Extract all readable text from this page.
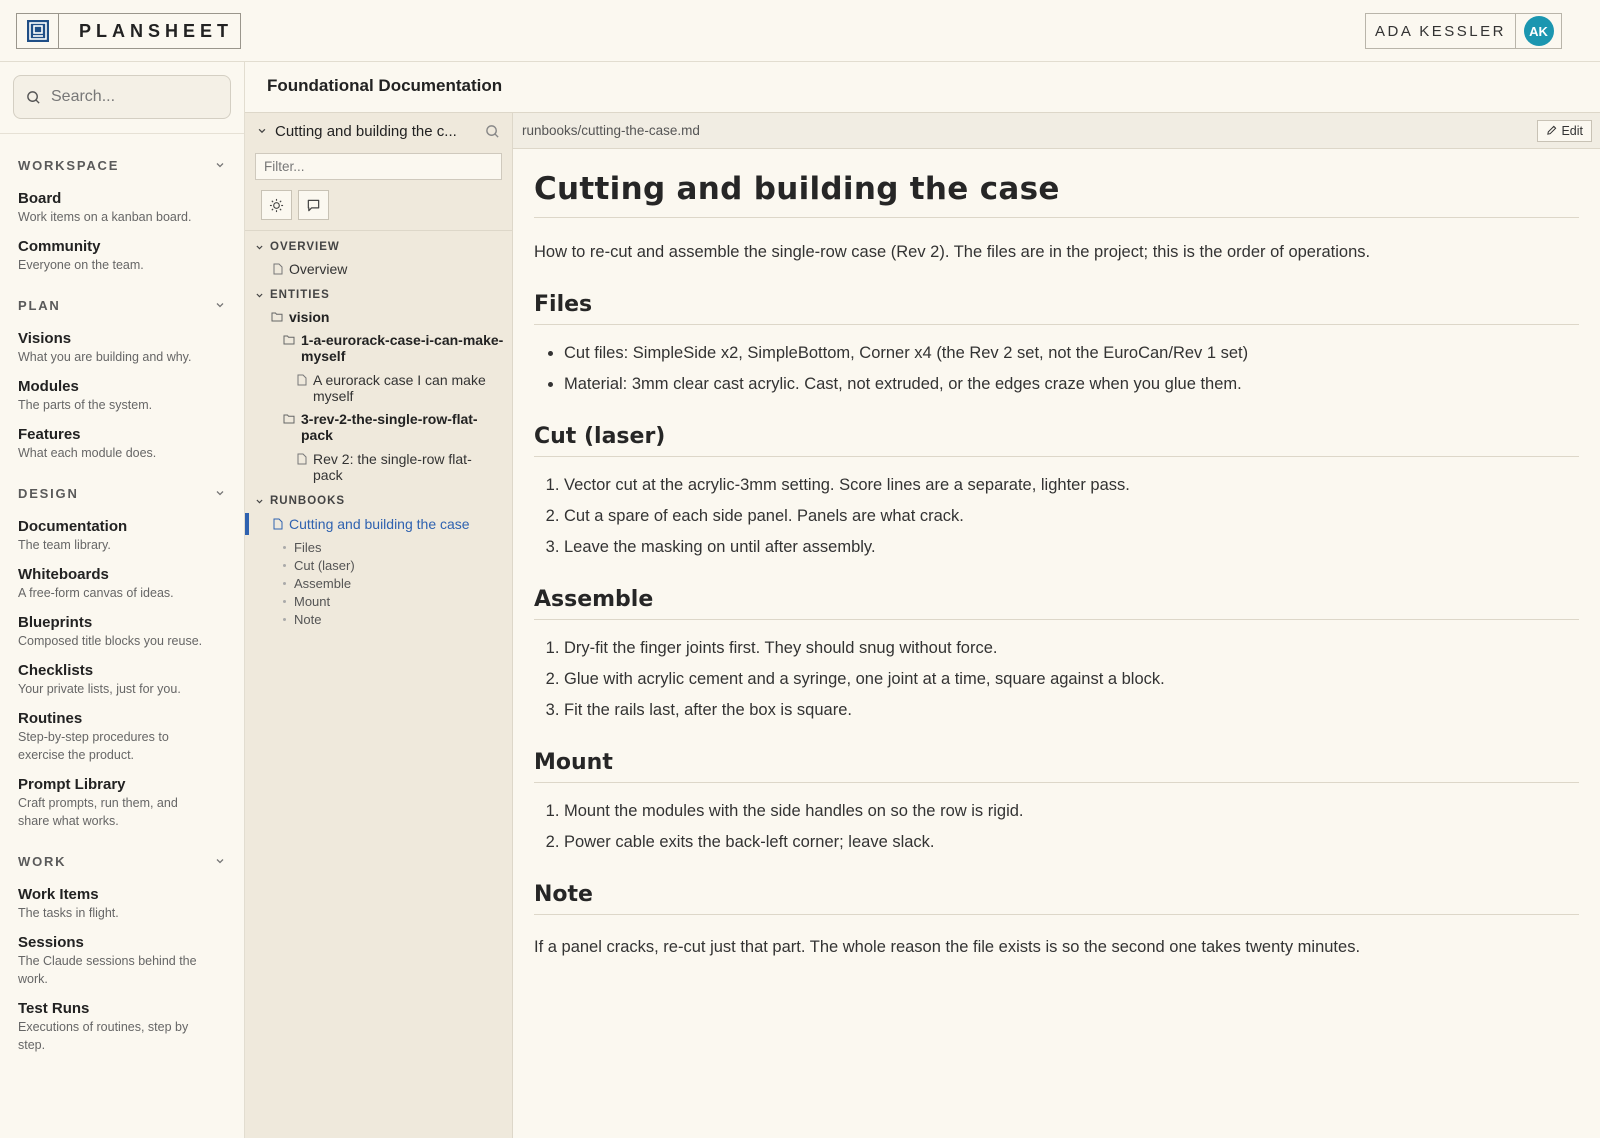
PLANSHEET	ADA KESSLER	AK
Search...
WORKSPACE
Board
Work items on a kanban board.
Community
Everyone on the team.
PLAN
Visions
What you are building and why.
Modules
The parts of the system.
Features
What each module does.
DESIGN
Documentation
The team library.
Whiteboards
A free-form canvas of ideas.
Blueprints
Composed title blocks you reuse.
Checklists
Your private lists, just for you.
Routines
Step-by-step procedures to exercise the product.
Prompt Library
Craft prompts, run them, and share what works.
WORK
Work Items
The tasks in flight.
Sessions
The Claude sessions behind the work.
Test Runs
Executions of routines, step by step.
Foundational Documentation
Cutting and building the c...
Filter...
OVERVIEW
Overview
ENTITIES
vision
1-a-eurorack-case-i-can-make-myself
A eurorack case I can make myself
3-rev-2-the-single-row-flat-pack
Rev 2: the single-row flat-pack
RUNBOOKS
Cutting and building the case
Files
Cut (laser)
Assemble
Mount
Note
runbooks/cutting-the-case.md	Edit
Cutting and building the case

How to re-cut and assemble the single-row case (Rev 2). The files are in the project; this is the order of operations.

Files
• Cut files: SimpleSide x2, SimpleBottom, Corner x4 (the Rev 2 set, not the EuroCan/Rev 1 set)
• Material: 3mm clear cast acrylic. Cast, not extruded, or the edges craze when you glue them.
Cut (laser)
1. Vector cut at the acrylic-3mm setting. Score lines are a separate, lighter pass.
2. Cut a spare of each side panel. Panels are what crack.
3. Leave the masking on until after assembly.
Assemble
1. Dry-fit the finger joints first. They should snug without force.
2. Glue with acrylic cement and a syringe, one joint at a time, square against a block.
3. Fit the rails last, after the box is square.
Mount
1. Mount the modules with the side handles on so the row is rigid.
2. Power cable exits the back-left corner; leave slack.
Note

If a panel cracks, re-cut just that part. The whole reason the file exists is so the second one takes twenty minutes.
